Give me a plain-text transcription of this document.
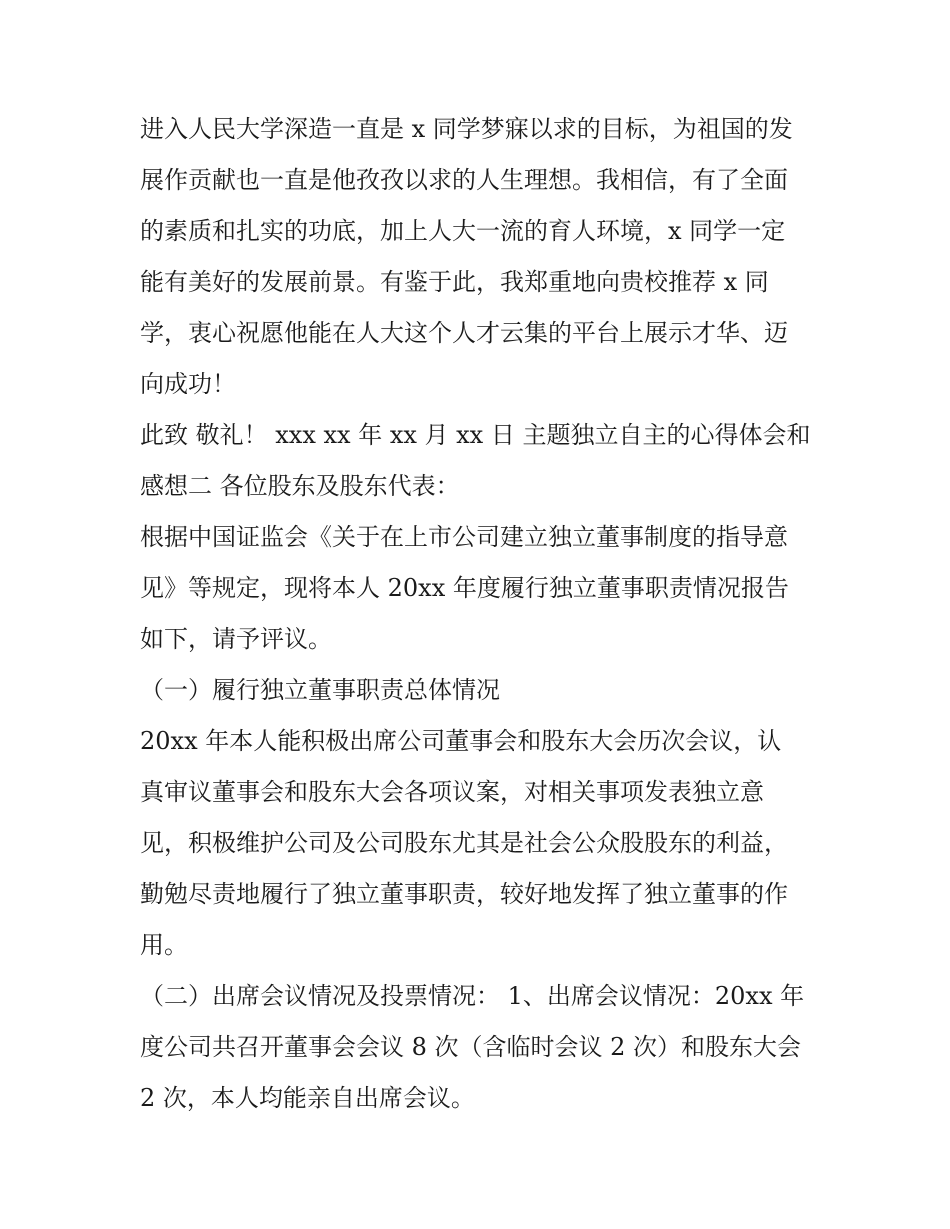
进入人民大学深造一直是 x 同学梦寐以求的目标，为祖国的发
展作贡献也一直是他孜孜以求的人生理想。我相信，有了全面
的素质和扎实的功底，加上人大一流的育人环境，x 同学一定
能有美好的发展前景。有鉴于此，我郑重地向贵校推荐 x 同
学，衷心祝愿他能在人大这个人才云集的平台上展示才华、迈
向成功！

此致 敬礼！ xxx xx 年 xx 月 xx 日 主题独立自主的心得体会和
感想二 各位股东及股东代表：

根据中国证监会《关于在上市公司建立独立董事制度的指导意
见》等规定，现将本人 20xx 年度履行独立董事职责情况报告
如下，请予评议。

（一）履行独立董事职责总体情况

20xx 年本人能积极出席公司董事会和股东大会历次会议，认
真审议董事会和股东大会各项议案，对相关事项发表独立意
见，积极维护公司及公司股东尤其是社会公众股股东的利益，
勤勉尽责地履行了独立董事职责，较好地发挥了独立董事的作
用。

（二）出席会议情况及投票情况： 1、出席会议情况：20xx 年
度公司共召开董事会会议 8 次（含临时会议 2 次）和股东大会
2 次，本人均能亲自出席会议。
